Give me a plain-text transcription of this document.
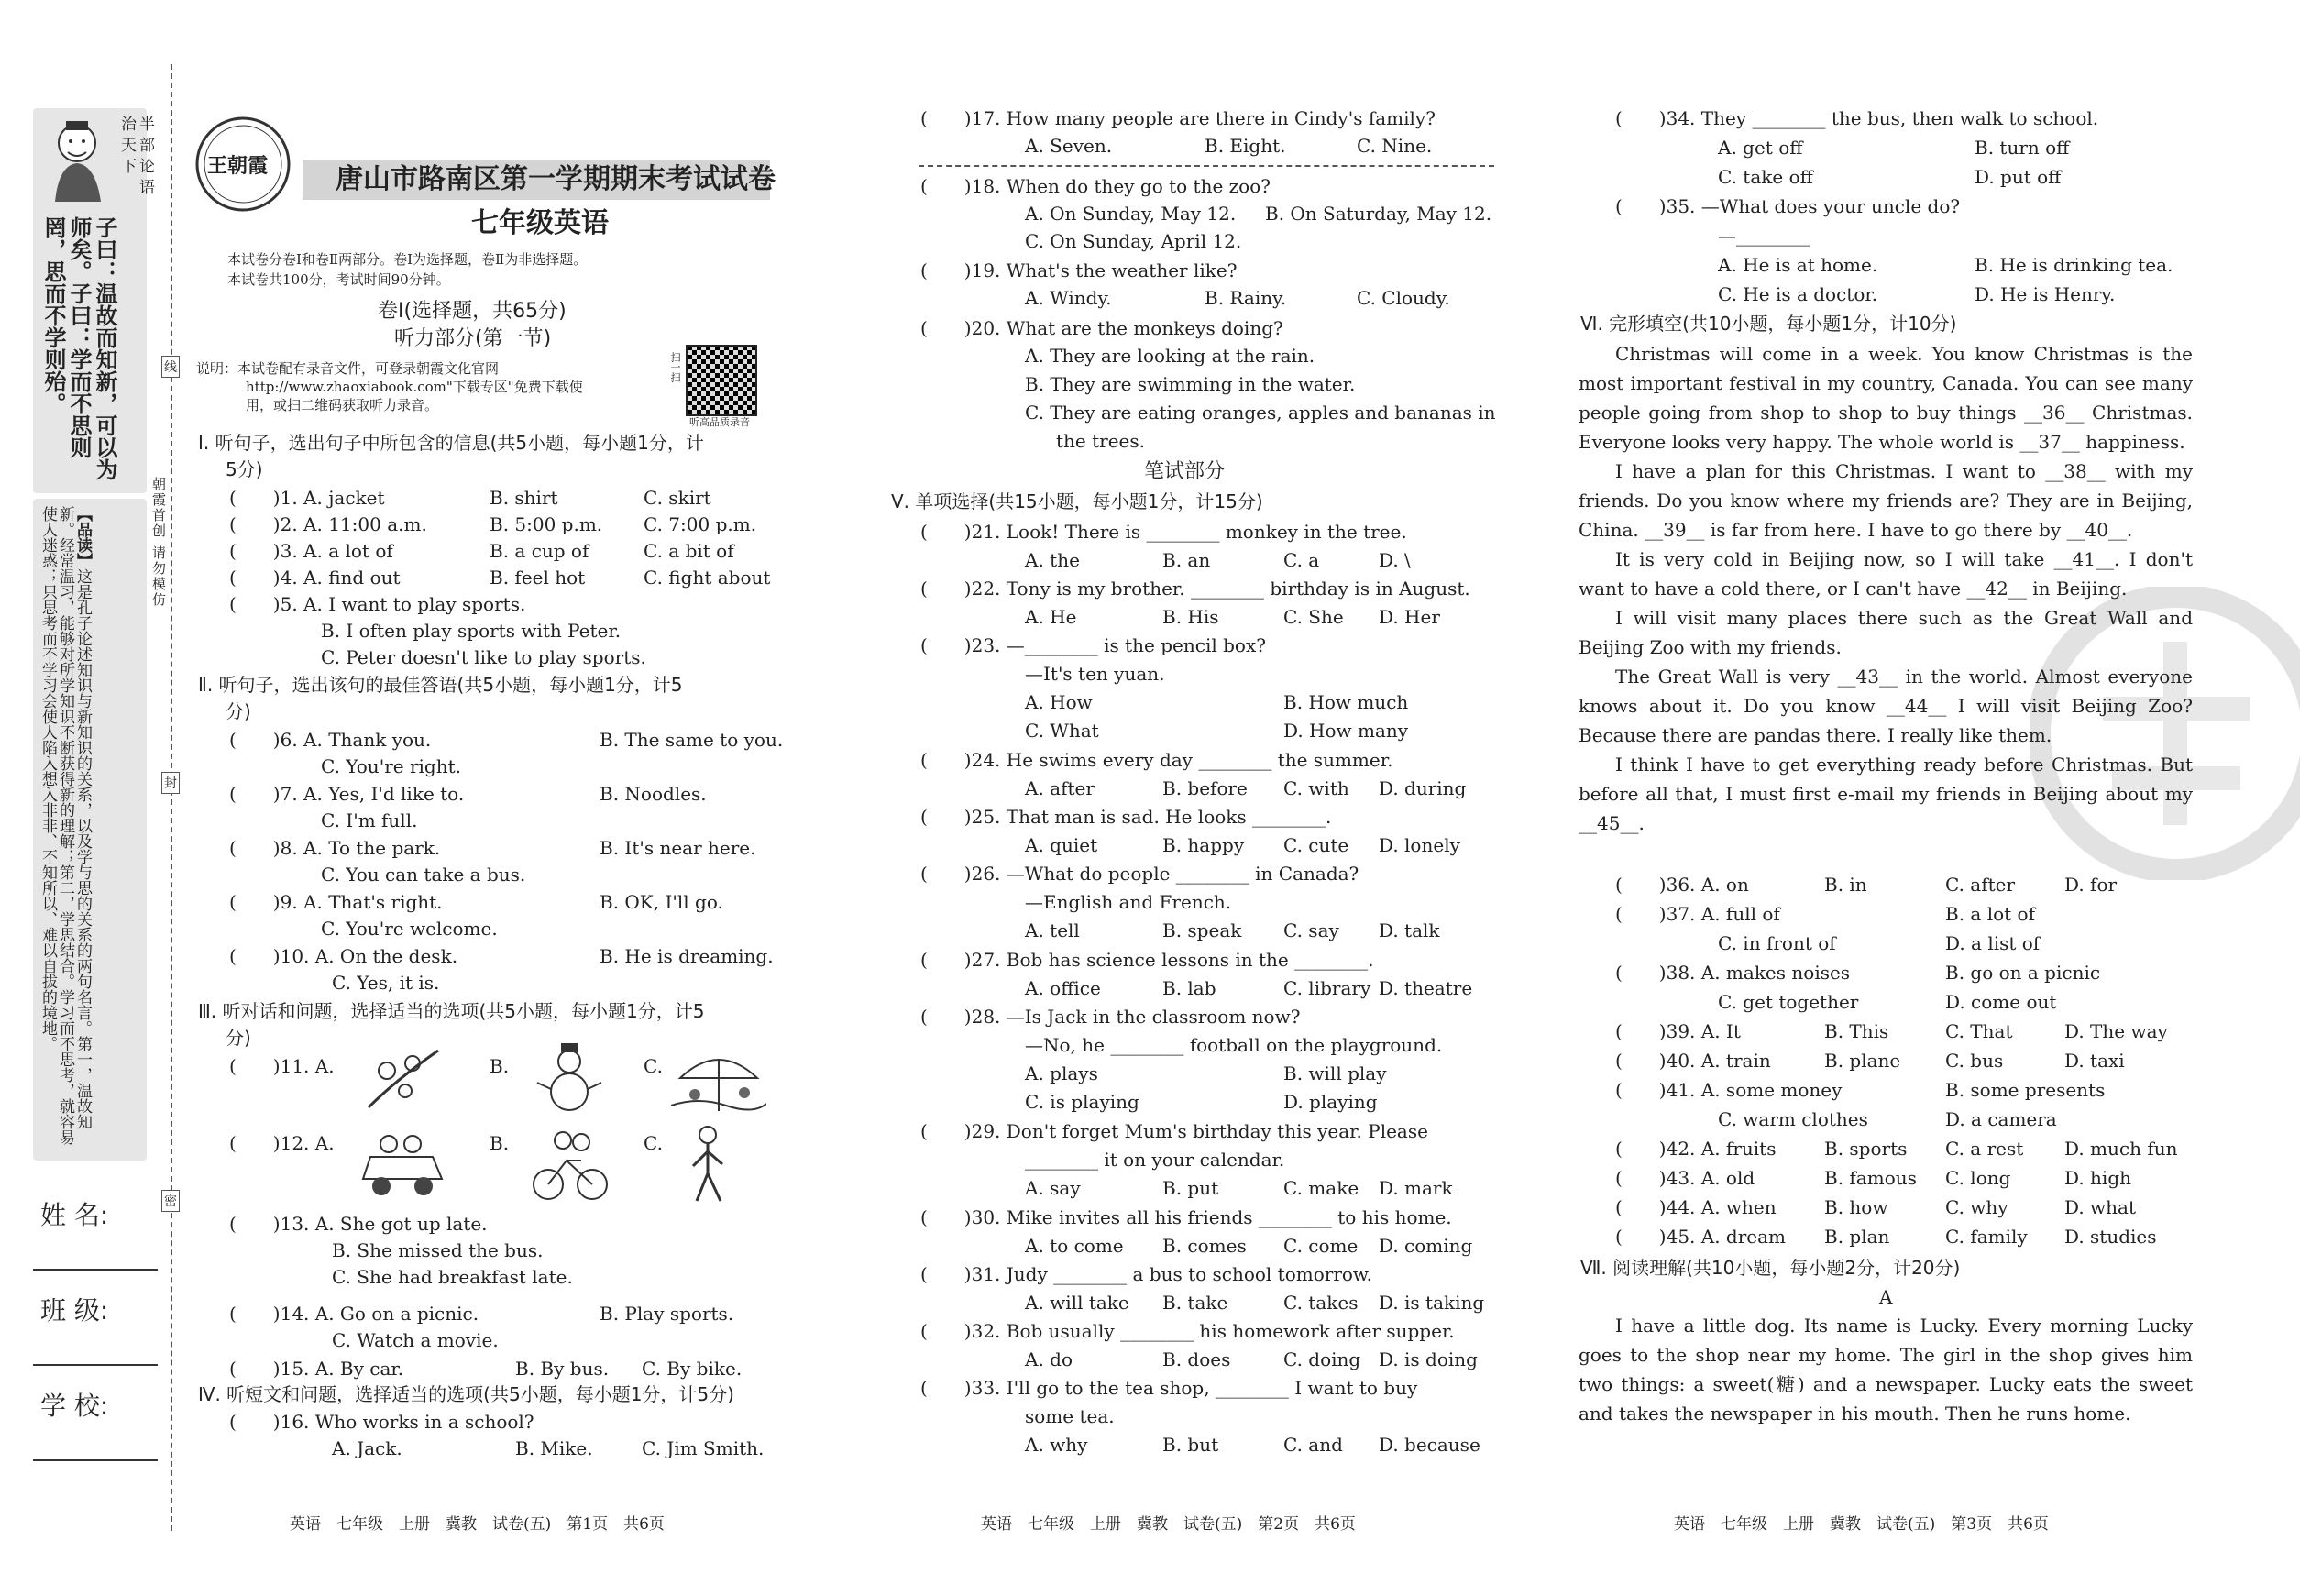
半部论语治天下
子曰：温故而知新，可以为师矣。子曰：学而不思则罔，思而不学则殆。
【品读】这是孔子论述知识与新知识的关系，以及学与思的关系的两句名言。第一，温故知新。经常温习，能够对所学知识不断获得新的理解；第二，学思结合。学习而不思考，就容易使人迷惑；只思考而不学习会使人陷入想入非非、不知所以、难以自拔的境地。
姓 名:
班 级:
学 校:
朝霞首创 请勿模仿
线
封
密
王朝霞 唐山市路南区第一学期期末考试试卷
七年级英语
本试卷分卷Ⅰ和卷Ⅱ两部分。卷Ⅰ为选择题，卷Ⅱ为非选择题。
本试卷共100分，考试时间90分钟。
卷Ⅰ(选择题，共65分)
听力部分(第一节)
说明：本试卷配有录音文件，可登录朝霞文化官网
http://www.zhaoxiabook.com"下载专区"免费下载使
用，或扫二维码获取听力录音。
扫一扫
听高品质录音
Ⅰ. 听句子，选出句子中所包含的信息(共5小题，每小题1分，计
5分)
(　　)1. A. jacket	B. shirt	C. skirt
(　　)2. A. 11:00 a.m.	B. 5:00 p.m. C. 7:00 p.m.
(　　)3. A. a lot of	B. a cup of	C. a bit of
(　　)4. A. find out	B. feel hot	C. fight about
(　　)5. A. I want to play sports.
B. I often play sports with Peter.
C. Peter doesn't like to play sports.
Ⅱ. 听句子，选出该句的最佳答语(共5小题，每小题1分，计5
分)
(　　)6. A. Thank you.	B. The same to you.
C. You're right.
(　　)7. A. Yes, I'd like to.	B. Noodles.
C. I'm full.
(　　)8. A. To the park.	B. It's near here.
C. You can take a bus.
(　　)9. A. That's right.	B. OK, I'll go.
C. You're welcome.
(　　)10. A. On the desk.	B. He is dreaming.
C. Yes, it is.
Ⅲ. 听对话和问题，选择适当的选项(共5小题，每小题1分，计5
分)
(　　)11. A.	B.	C.
(　　)12. A.	B.	C.
(　　)13. A. She got up late.
B. She missed the bus.
C. She had breakfast late.
(　　)14. A. Go on a picnic.	B. Play sports.
C. Watch a movie.
(　　)15. A. By car.	B. By bus. C. By bike.
Ⅳ. 听短文和问题，选择适当的选项(共5小题，每小题1分，计5分)
(　　)16. Who works in a school?
A. Jack.	B. Mike.	C. Jim Smith.
英语　七年级　上册　冀教　试卷(五)　第1页　共6页
(　　)17. How many people are there in Cindy's family?
A. Seven.	B. Eight.	C. Nine.
(　　)18. When do they go to the zoo?
A. On Sunday, May 12. B. On Saturday, May 12.
C. On Sunday, April 12.
(　　)19. What's the weather like?
A. Windy.	B. Rainy.	C. Cloudy.
(　　)20. What are the monkeys doing?
A. They are looking at the rain.
B. They are swimming in the water.
C. They are eating oranges, apples and bananas in
the trees.
笔试部分
Ⅴ. 单项选择(共15小题，每小题1分，计15分)
(　　)21. Look! There is ________ monkey in the tree.
A. the	B. an	C. a	D. \
(　　)22. Tony is my brother. ________ birthday is in August.
A. He	B. His	C. She D. Her
(　　)23. —________ is the pencil box?
—It's ten yuan.
A. How	B. How much
C. What	D. How many
(　　)24. He swims every day ________ the summer.
A. after	B. before C. with D. during
(　　)25. That man is sad. He looks ________.
A. quiet	B. happy C. cute D. lonely
(　　)26. —What do people ________ in Canada?
—English and French.
A. tell	B. speak C. say D. talk
(　　)27. Bob has science lessons in the ________.
A. office	B. lab	C. library D. theatre
(　　)28. —Is Jack in the classroom now?
—No, he ________ football on the playground.
A. plays	B. will play
C. is playing	D. playing
(　　)29. Don't forget Mum's birthday this year. Please
________ it on your calendar.
A. say	B. put	C. make D. mark
(　　)30. Mike invites all his friends ________ to his home.
A. to come B. comes C. come D. coming
(　　)31. Judy ________ a bus to school tomorrow.
A. will take B. take	C. takes D. is taking
(　　)32. Bob usually ________ his homework after supper.
A. do	B. does	C. doing D. is doing
(　　)33. I'll go to the tea shop, ________ I want to buy
some tea.
A. why	B. but	C. and D. because
英语　七年级　上册　冀教　试卷(五)　第2页　共6页
(　　)34. They ________ the bus, then walk to school.
A. get off	B. turn off
C. take off	D. put off
(　　)35. —What does your uncle do?
—________
A. He is at home.	B. He is drinking tea.
C. He is a doctor.	D. He is Henry.
Ⅵ. 完形填空(共10小题，每小题1分，计10分)

Christmas will come in a week. You know Christmas is the most important festival in my country, Canada. You can see many people going from shop to shop to buy things __36__ Christmas. Everyone looks very happy. The whole world is __37__ happiness.

I have a plan for this Christmas. I want to __38__ with my friends. Do you know where my friends are? They are in Beijing, China. __39__ is far from here. I have to go there by __40__.

It is very cold in Beijing now, so I will take __41__. I don't want to have a cold there, or I can't have __42__ in Beijing.

I will visit many places there such as the Great Wall and Beijing Zoo with my friends.

The Great Wall is very __43__ in the world. Almost everyone knows about it. Do you know __44__ I will visit Beijing Zoo? Because there are pandas there. I really like them.

I think I have to get everything ready before Christmas. But before all that, I must first e-mail my friends in Beijing about my __45__.

(　　)36. A. on	B. in	C. after	D. for
(　　)37. A. full of	B. a lot of
C. in front of	D. a list of
(　　)38. A. makes noises	B. go on a picnic
C. get together	D. come out
(　　)39. A. It	B. This	C. That	D. The way
(　　)40. A. train	B. plane C. bus	D. taxi
(　　)41. A. some money	B. some presents
C. warm clothes	D. a camera
(　　)42. A. fruits	B. sports C. a rest D. much fun
(　　)43. A. old	B. famous C. long	D. high
(　　)44. A. when	B. how	C. why	D. what
(　　)45. A. dream B. plan	C. family D. studies
Ⅶ. 阅读理解(共10小题，每小题2分，计20分)
A

I have a little dog. Its name is Lucky. Every morning Lucky goes to the shop near my home. The girl in the shop gives him two things: a sweet(糖) and a newspaper. Lucky eats the sweet and takes the newspaper in his mouth. Then he runs home.

英语　七年级　上册　冀教　试卷(五)　第3页　共6页
